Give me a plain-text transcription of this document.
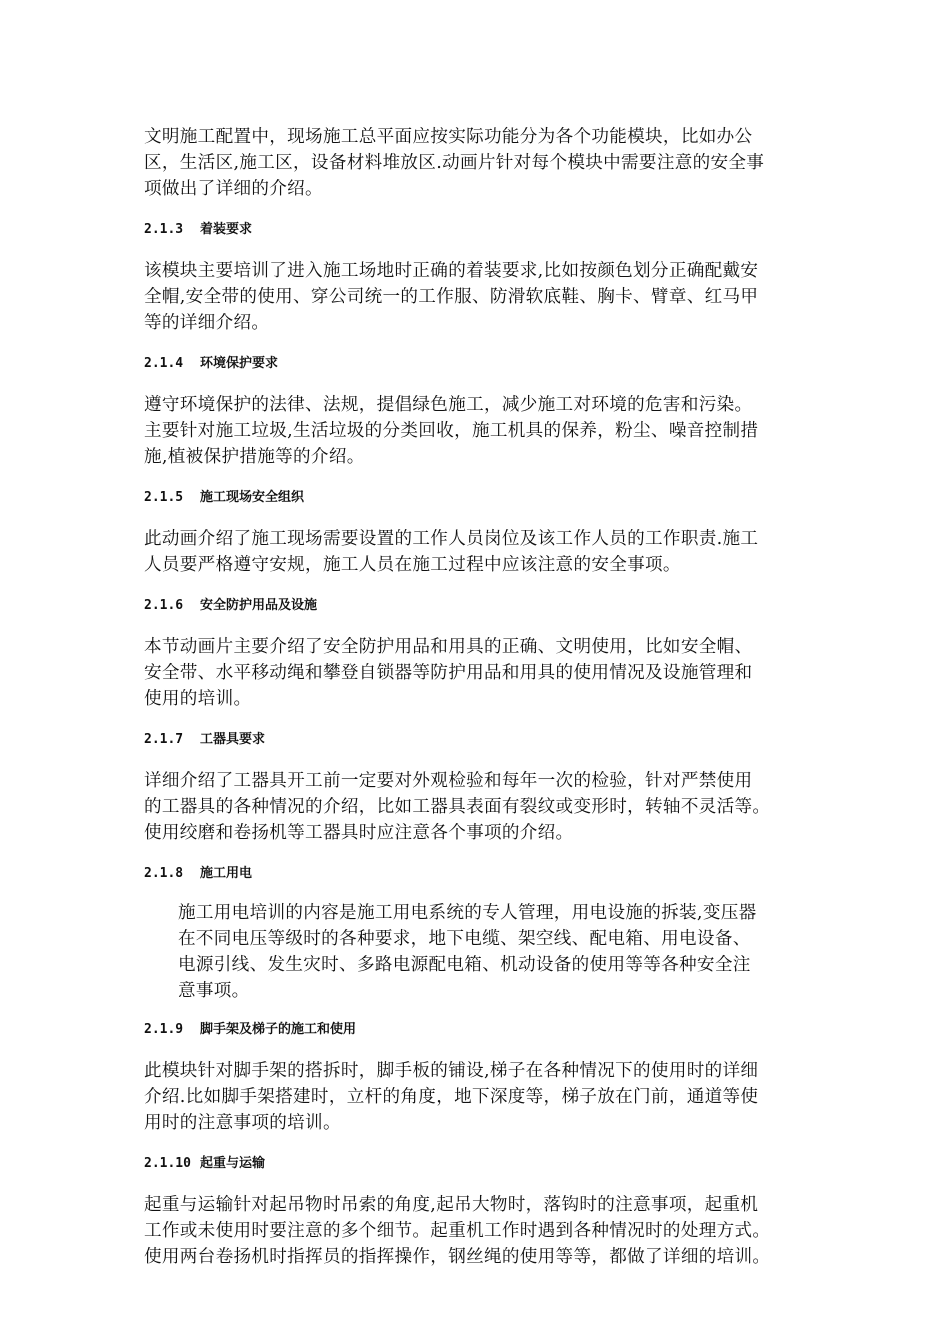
文明施工配置中，现场施工总平面应按实际功能分为各个功能模块，比如办公
区，生活区,施工区，设备材料堆放区.动画片针对每个模块中需要注意的安全事
项做出了详细的介绍。

2.1.3 着装要求

该模块主要培训了进入施工场地时正确的着装要求,比如按颜色划分正确配戴安
全帽,安全带的使用、穿公司统一的工作服、防滑软底鞋、胸卡、臂章、红马甲
等的详细介绍。

2.1.4 环境保护要求

遵守环境保护的法律、法规，提倡绿色施工，减少施工对环境的危害和污染。
主要针对施工垃圾,生活垃圾的分类回收，施工机具的保养，粉尘、噪音控制措
施,植被保护措施等的介绍。

2.1.5 施工现场安全组织

此动画介绍了施工现场需要设置的工作人员岗位及该工作人员的工作职责.施工
人员要严格遵守安规，施工人员在施工过程中应该注意的安全事项。

2.1.6 安全防护用品及设施

本节动画片主要介绍了安全防护用品和用具的正确、文明使用，比如安全帽、
安全带、水平移动绳和攀登自锁器等防护用品和用具的使用情况及设施管理和
使用的培训。

2.1.7 工器具要求

详细介绍了工器具开工前一定要对外观检验和每年一次的检验，针对严禁使用
的工器具的各种情况的介绍，比如工器具表面有裂纹或变形时，转轴不灵活等。
使用绞磨和卷扬机等工器具时应注意各个事项的介绍。

2.1.8 施工用电

施工用电培训的内容是施工用电系统的专人管理，用电设施的拆装,变压器
在不同电压等级时的各种要求，地下电缆、架空线、配电箱、用电设备、
电源引线、发生灾时、多路电源配电箱、机动设备的使用等等各种安全注
意事项。

2.1.9 脚手架及梯子的施工和使用

此模块针对脚手架的搭拆时，脚手板的铺设,梯子在各种情况下的使用时的详细
介绍.比如脚手架搭建时，立杆的角度，地下深度等，梯子放在门前，通道等使
用时的注意事项的培训。

2.1.10 起重与运输

起重与运输针对起吊物时吊索的角度,起吊大物时，落钩时的注意事项，起重机
工作或未使用时要注意的多个细节。起重机工作时遇到各种情况时的处理方式。
使用两台卷扬机时指挥员的指挥操作，钢丝绳的使用等等，都做了详细的培训。
